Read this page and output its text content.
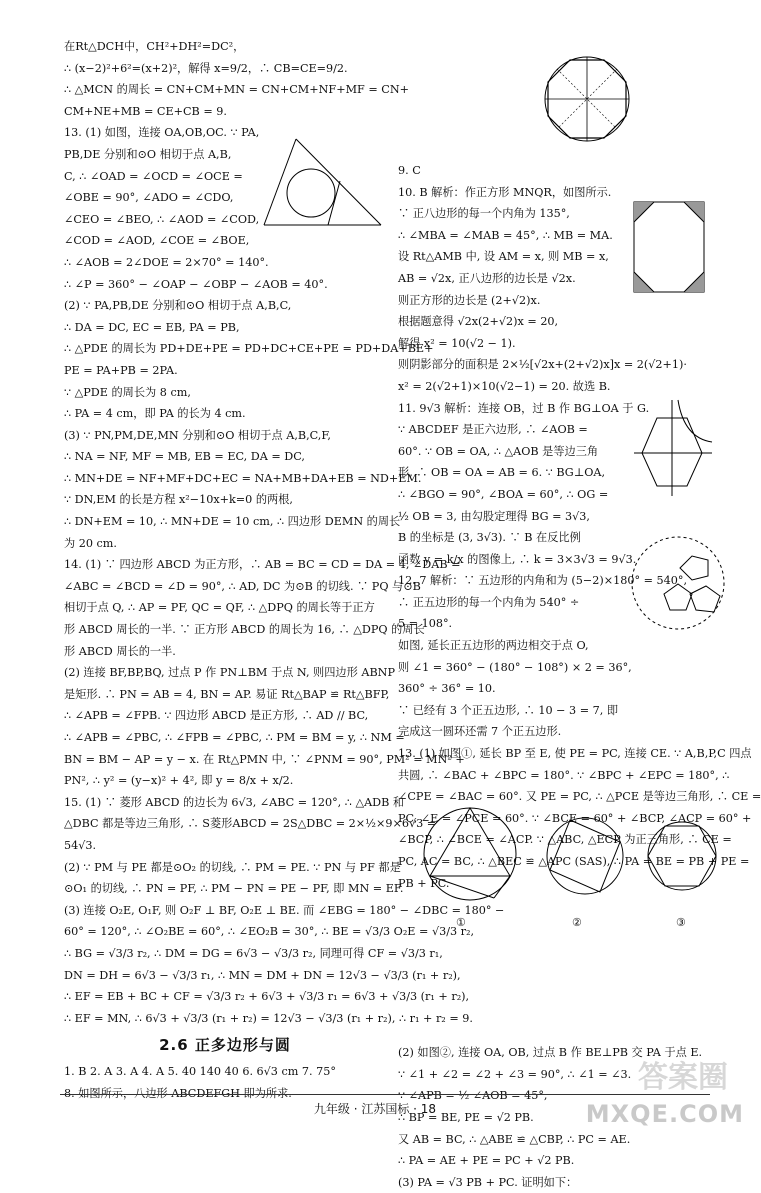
在Rt△DCH中，CH²+DH²=DC²，
∴ (x−2)²+6²=(x+2)²，解得 x=9/2，∴ CB=CE=9/2.
∴ △MCN 的周长 = CN+CM+MN = CN+CM+NF+MF = CN+
CM+NE+MB = CE+CB = 9.
13. (1) 如图，连接 OA,OB,OC. ∵ PA,
PB,DE 分别和⊙O 相切于点 A,B,
C, ∴ ∠OAD = ∠OCD = ∠OCE =
∠OBE = 90°, ∠ADO = ∠CDO,
∠CEO = ∠BEO, ∴ ∠AOD = ∠COD,
∠COD = ∠AOD, ∠COE = ∠BOE,
∴ ∠AOB = 2∠DOE = 2×70° = 140°.
∴ ∠P = 360° − ∠OAP − ∠OBP − ∠AOB = 40°.
(2) ∵ PA,PB,DE 分别和⊙O 相切于点 A,B,C,
∴ DA = DC, EC = EB, PA = PB,
∴ △PDE 的周长为 PD+DE+PE = PD+DC+CE+PE = PD+DA+BE+
PE = PA+PB = 2PA.
∵ △PDE 的周长为 8 cm,
∴ PA = 4 cm，即 PA 的长为 4 cm.
(3) ∵ PN,PM,DE,MN 分别和⊙O 相切于点 A,B,C,F,
∴ NA = NF, MF = MB, EB = EC, DA = DC,
∴ MN+DE = NF+MF+DC+EC = NA+MB+DA+EB = ND+EM.
∵ DN,EM 的长是方程 x²−10x+k=0 的两根,
∴ DN+EM = 10, ∴ MN+DE = 10 cm, ∴ 四边形 DEMN 的周长
为 20 cm.
14. (1) ∵ 四边形 ABCD 为正方形，∴ AB = BC = CD = DA = 4, ∠DAB =
∠ABC = ∠BCD = ∠D = 90°, ∴ AD, DC 为⊙B 的切线. ∵ PQ 与⊙B
相切于点 Q, ∴ AP = PF, QC = QF, ∴ △DPQ 的周长等于正方
形 ABCD 周长的一半. ∵ 正方形 ABCD 的周长为 16, ∴ △DPQ 的周长
形 ABCD 周长的一半.
(2) 连接 BF,BP,BQ, 过点 P 作 PN⊥BM 于点 N, 则四边形 ABNP
是矩形. ∴ PN = AB = 4, BN = AP. 易证 Rt△BAP ≌ Rt△BFP,
∴ ∠APB = ∠FPB. ∵ 四边形 ABCD 是正方形, ∴ AD // BC,
∴ ∠APB = ∠PBC, ∴ ∠FPB = ∠PBC, ∴ PM = BM = y, ∴ NM =
BN = BM − AP = y − x. 在 Rt△PMN 中, ∵ ∠PNM = 90°, PM² = MN² +
PN², ∴ y² = (y−x)² + 4², 即 y = 8/x + x/2.
15. (1) ∵ 菱形 ABCD 的边长为 6√3, ∠ABC = 120°, ∴ △ADB 和
△DBC 都是等边三角形, ∴ S菱形ABCD = 2S△DBC = 2×½×9×6√3 =
54√3.
(2) ∵ PM 与 PE 都是⊙O₂ 的切线, ∴ PM = PE. ∵ PN 与 PF 都是
⊙O₁ 的切线, ∴ PN = PF, ∴ PM − PN = PE − PF, 即 MN = EF.
(3) 连接 O₂E, O₁F, 则 O₂F ⊥ BF, O₂E ⊥ BE. 而 ∠EBG = 180° − ∠DBC = 180° −
60° = 120°, ∴ ∠O₂BE = 60°, ∴ ∠EO₂B = 30°, ∴ BE = √3/3 O₂E = √3/3 r₂,
∴ BG = √3/3 r₂, ∴ DM = DG = 6√3 − √3/3 r₂, 同理可得 CF = √3/3 r₁,
DN = DH = 6√3 − √3/3 r₁, ∴ MN = DM + DN = 12√3 − √3/3 (r₁ + r₂),
∴ EF = EB + BC + CF = √3/3 r₂ + 6√3 + √3/3 r₁ = 6√3 + √3/3 (r₁ + r₂),
∴ EF = MN, ∴ 6√3 + √3/3 (r₁ + r₂) = 12√3 − √3/3 (r₁ + r₂), ∴ r₁ + r₂ = 9.
2.6 正多边形与圆
1. B 2. A 3. A 4. A 5. 40 140 40 6. 6√3 cm 7. 75°
8. 如图所示，八边形 ABCDEFGH 即为所求.
9. C
10. B 解析：作正方形 MNQR，如图所示.
∵ 正八边形的每一个内角为 135°,
∴ ∠MBA = ∠MAB = 45°, ∴ MB = MA.
设 Rt△AMB 中, 设 AM = x, 则 MB = x,
AB = √2x, 正八边形的边长是 √2x.
则正方形的边长是 (2+√2)x.
根据题意得 √2x(2+√2)x = 20,
解得 x² = 10(√2 − 1).
则阴影部分的面积是 2×½[√2x+(2+√2)x]x = 2(√2+1)·
x² = 2(√2+1)×10(√2−1) = 20. 故选 B.
11. 9√3 解析：连接 OB，过 B 作 BG⊥OA 于 G.
∵ ABCDEF 是正六边形, ∴ ∠AOB =
60°. ∵ OB = OA, ∴ △AOB 是等边三角
形, ∴ OB = OA = AB = 6. ∵ BG⊥OA,
∴ ∠BGO = 90°, ∠BOA = 60°, ∴ OG =
½ OB = 3, 由勾股定理得 BG = 3√3,
B 的坐标是 (3, 3√3). ∵ B 在反比例
函数 y = k/x 的图像上, ∴ k = 3×3√3 = 9√3.
12. 7 解析：∵ 五边形的内角和为 (5−2)×180° = 540°,
∴ 正五边形的每一个内角为 540° ÷
5 = 108°.
如图, 延长正五边形的两边相交于点 O,
则 ∠1 = 360° − (180° − 108°) × 2 = 36°,
360° ÷ 36° = 10.
∵ 已经有 3 个正五边形, ∴ 10 − 3 = 7, 即
完成这一圆环还需 7 个正五边形.
13. (1) 如图①, 延长 BP 至 E, 使 PE = PC, 连接 CE. ∵ A,B,P,C 四点
共圆, ∴ ∠BAC + ∠BPC = 180°. ∵ ∠BPC + ∠EPC = 180°, ∴
∠CPE = ∠BAC = 60°. 又 PE = PC, ∴ △PCE 是等边三角形, ∴ CE =
PC, ∠E = ∠PCE = 60°. ∵ ∠BCE = 60° + ∠BCP, ∠ACP = 60° +
∠BCP, ∴ ∠BCE = ∠ACP. ∵ △ABC, △ECP 为正三角形, ∴ CE =
PC, AC = BC, ∴ △BEC ≌ △APC (SAS), ∴ PA = BE = PB + PE =
PB + PC.
(2) 如图②, 连接 OA, OB, 过点 B 作 BE⊥PB 交 PA 于点 E.
∵ ∠1 + ∠2 = ∠2 + ∠3 = 90°, ∴ ∠1 = ∠3.
∵ ∠APB = ½ ∠AOB = 45°,
∴ BP = BE, PE = √2 PB.
又 AB = BC, ∴ △ABE ≌ △CBP, ∴ PC = AE.
∴ PA = AE + PE = PC + √2 PB.
(3) PA = √3 PB + PC. 证明如下：
①	②	③
九年级 · 江苏国标 · 18
答案圈
MXQE.COM
